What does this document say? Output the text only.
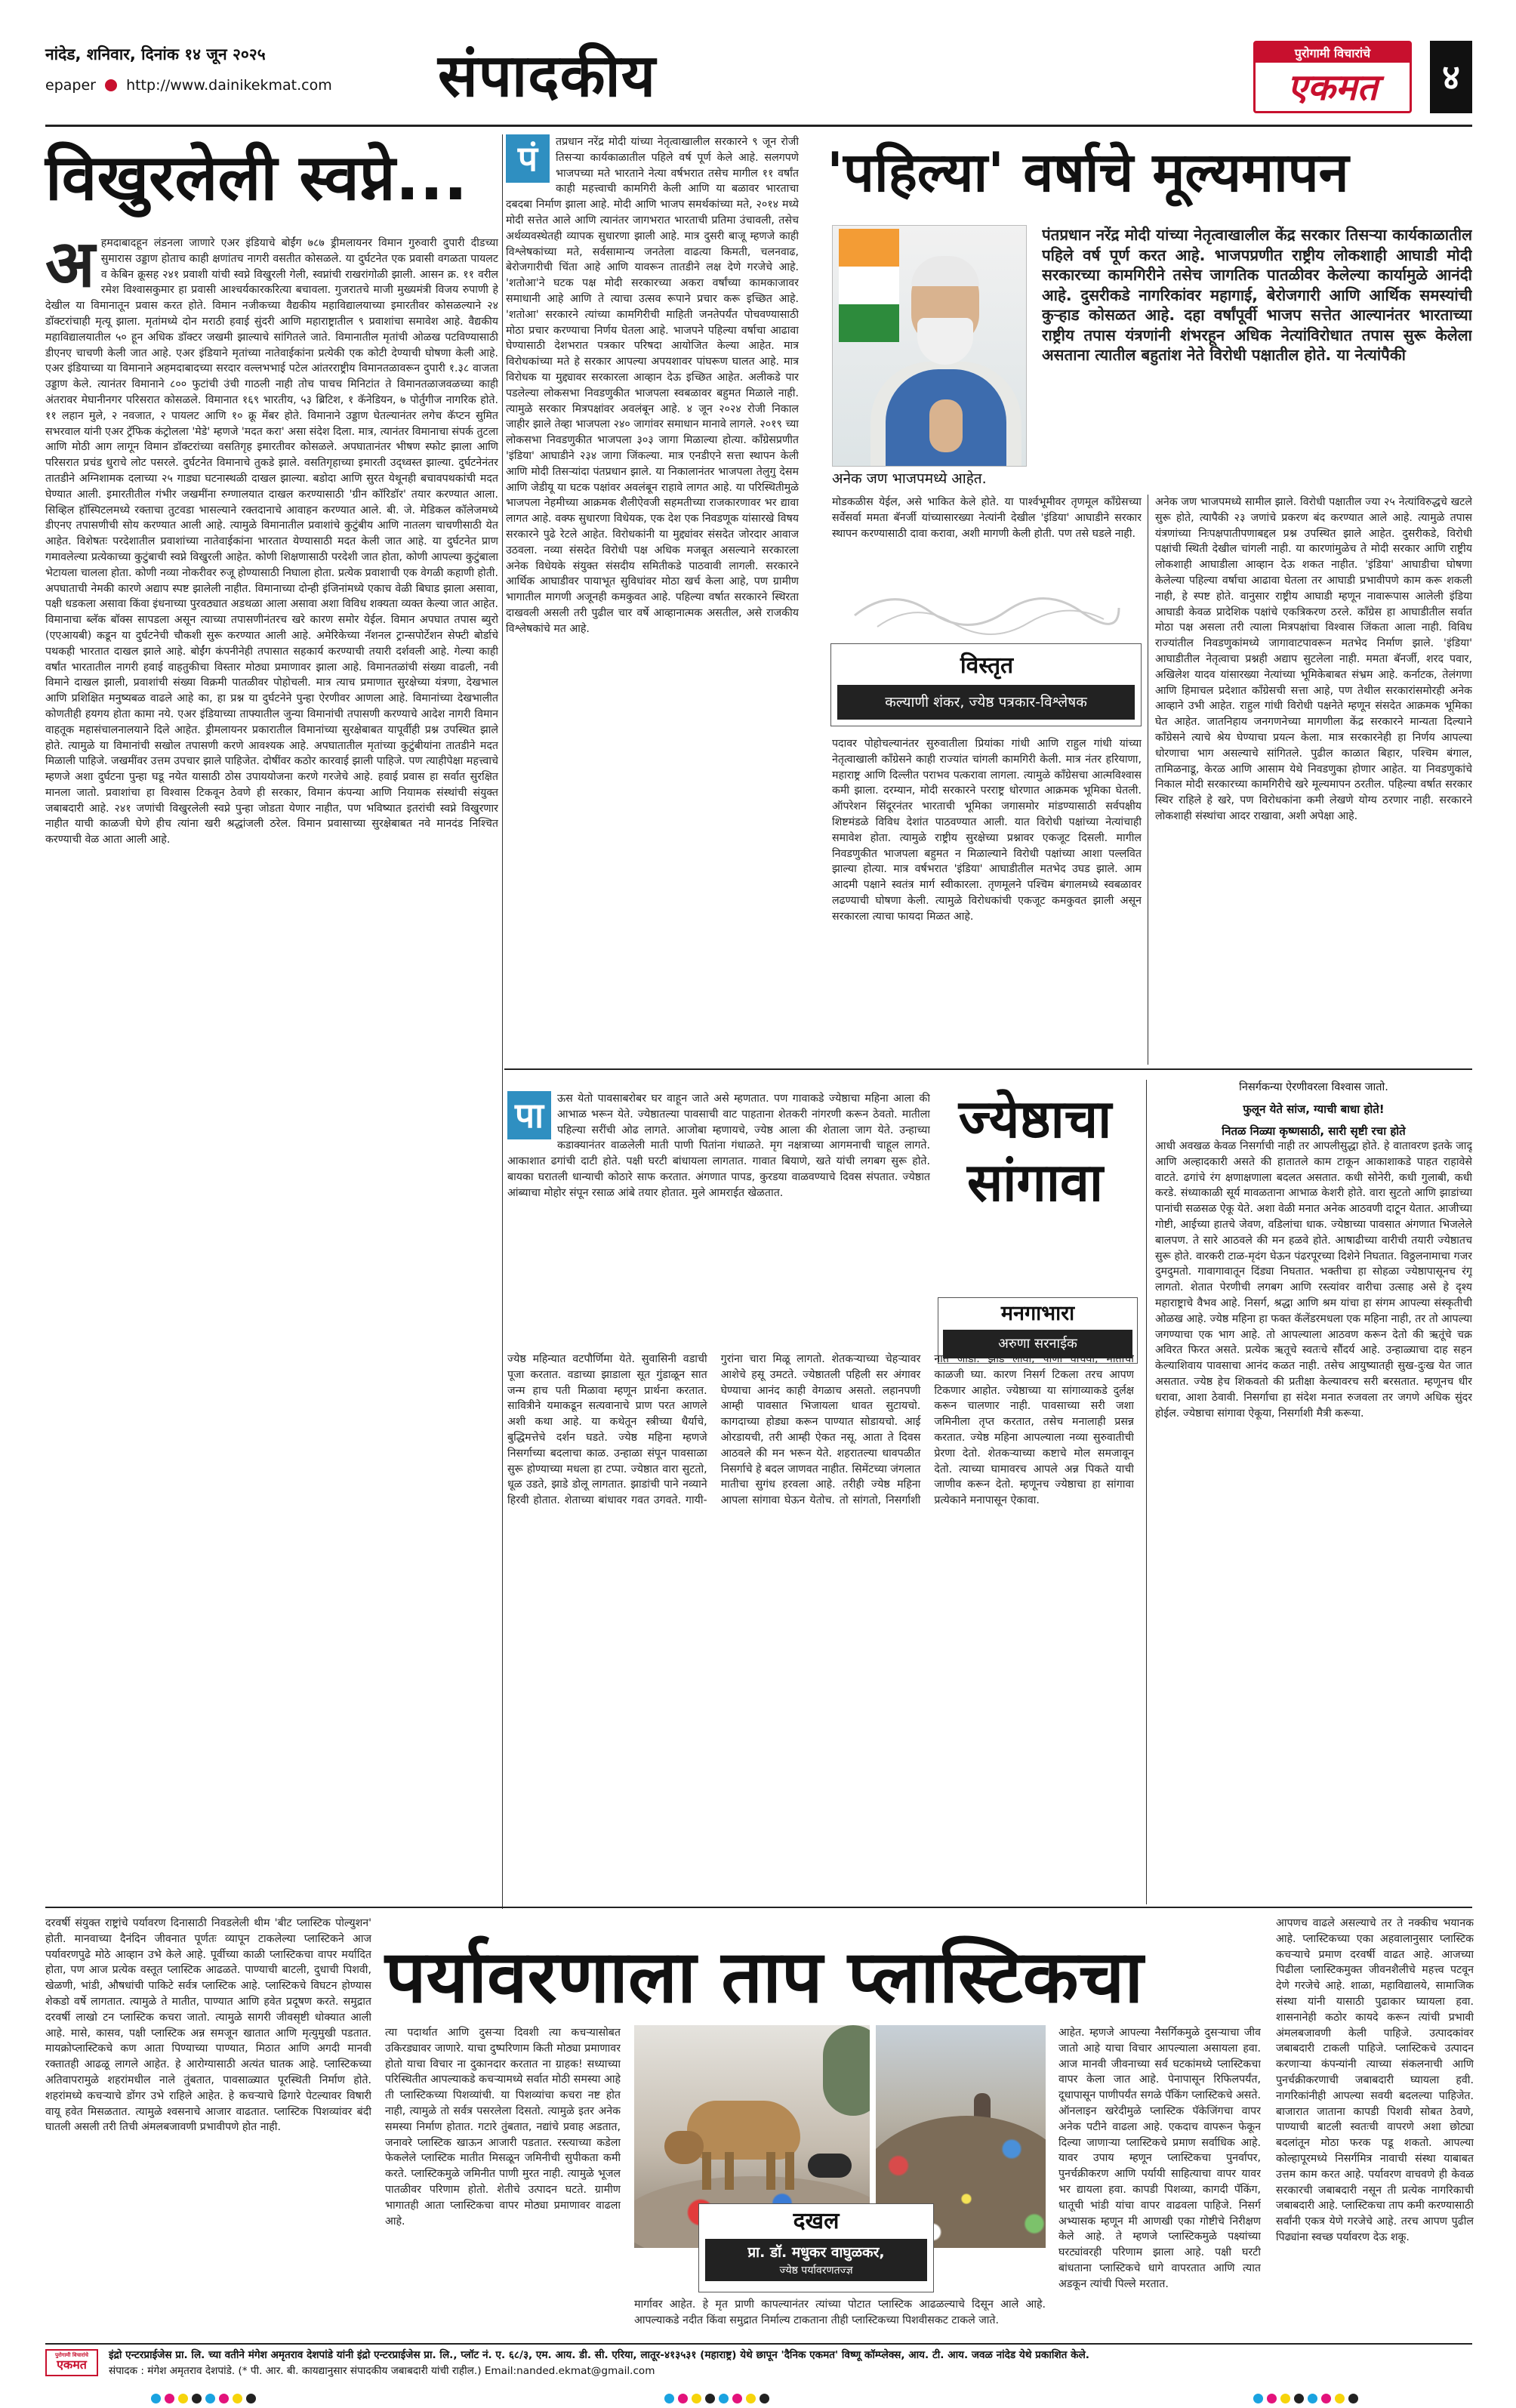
नांदेड, शनिवार, दिनांक १४ जून २०२५
epaper http://www.dainikekmat.com संपादकीय	पुरोगामी विचारांचे
एकमत	४
विखुरलेली स्वप्ने...
अ हमदाबादहून लंडनला जाणारे एअर इंडियाचे बोईंग ७८७ ड्रीमलायनर विमान गुरुवारी दुपारी दीडच्या सुमारास उड्डाण होताच काही क्षणांतच नागरी वसतीत कोसळले. या दुर्घटनेत एक प्रवासी वगळता पायलट व केबिन क्रूसह २४१ प्रवाशी यांची स्वप्ने विखुरली गेली, स्वप्नांची राखरांगोळी झाली. आसन क्र. ११ वरील रमेश विश्वासकुमार हा प्रवासी आश्चर्यकारकरित्या बचावला. गुजरातचे माजी मुख्यमंत्री विजय रुपाणी हे देखील या विमानातून प्रवास करत होते. विमान नजीकच्या वैद्यकीय महाविद्यालयाच्या इमारतीवर कोसळल्याने २४ डॉक्टरांचाही मृत्यू झाला. मृतांमध्ये दोन मराठी हवाई सुंदरी आणि महाराष्ट्रातील ९ प्रवाशांचा समावेश आहे. वैद्यकीय महाविद्यालयातील ५० हून अधिक डॉक्टर जखमी झाल्याचे सांगितले जाते. विमानातील मृतांची ओळख पटविण्यासाठी डीएनए चाचणी केली जात आहे. एअर इंडियाने मृतांच्या नातेवाईकांना प्रत्येकी एक कोटी देण्याची घोषणा केली आहे. एअर इंडियाच्या या विमानाने अहमदाबादच्या सरदार वल्लभभाई पटेल आंतरराष्ट्रीय विमानतळावरून दुपारी १.३८ वाजता उड्डाण केले. त्यानंतर विमानाने ८०० फुटांची उंची गाठली नाही तोच पाचच मिनिटांत ते विमानतळाजवळच्या काही अंतरावर मेघानीनगर परिसरात कोसळले. विमानात १६९ भारतीय, ५३ ब्रिटिश, १ कॅनेडियन, ७ पोर्तुगीज नागरिक होते. ११ लहान मुले, २ नवजात, २ पायलट आणि १० क्रू मेंबर होते. विमानाने उड्डाण घेतल्यानंतर लगेच कॅप्टन सुमित सभरवाल यांनी एअर ट्रॅफिक कंट्रोलला 'मेडे' म्हणजे 'मदत करा' असा संदेश दिला. मात्र, त्यानंतर विमानाचा संपर्क तुटला आणि मोठी आग लागून विमान डॉक्टरांच्या वसतिगृह इमारतीवर कोसळले. अपघातानंतर भीषण स्फोट झाला आणि परिसरात प्रचंड धुराचे लोट पसरले. दुर्घटनेत विमानाचे तुकडे झाले. वसतिगृहाच्या इमारती उद्ध्वस्त झाल्या. दुर्घटनेनंतर तातडीने अग्निशामक दलाच्या २५ गाड्या घटनास्थळी दाखल झाल्या. बडोदा आणि सुरत येथूनही बचावपथकांची मदत घेण्यात आली. इमारतीतील गंभीर जखमींना रुग्णालयात दाखल करण्यासाठी 'ग्रीन कॉरिडॉर' तयार करण्यात आला. सिव्हिल हॉस्पिटलमध्ये रक्ताचा तुटवडा भासल्याने रक्तदानाचे आवाहन करण्यात आले. बी. जे. मेडिकल कॉलेजमध्ये डीएनए तपासणीची सोय करण्यात आली आहे. त्यामुळे विमानातील प्रवाशांचे कुटुंबीय आणि नातलग चाचणीसाठी येत आहेत. विशेषतः परदेशातील प्रवाशांच्या नातेवाईकांना भारतात येण्यासाठी मदत केली जात आहे. या दुर्घटनेत प्राण गमावलेल्या प्रत्येकाच्या कुटुंबाची स्वप्ने विखुरली आहेत. कोणी शिक्षणासाठी परदेशी जात होता, कोणी आपल्या कुटुंबाला भेटायला चालला होता. कोणी नव्या नोकरीवर रुजू होण्यासाठी निघाला होता. प्रत्येक प्रवाशाची एक वेगळी कहाणी होती. अपघाताची नेमकी कारणे अद्याप स्पष्ट झालेली नाहीत. विमानाच्या दोन्ही इंजिनांमध्ये एकाच वेळी बिघाड झाला असावा, पक्षी धडकला असावा किंवा इंधनाच्या पुरवठ्यात अडथळा आला असावा अशा विविध शक्यता व्यक्त केल्या जात आहेत. विमानाचा ब्लॅक बॉक्स सापडला असून त्याच्या तपासणीनंतरच खरे कारण समोर येईल. विमान अपघात तपास ब्युरो (एएआयबी) कडून या दुर्घटनेची चौकशी सुरू करण्यात आली आहे. अमेरिकेच्या नॅशनल ट्रान्सपोर्टेशन सेफ्टी बोर्डाचे पथकही भारतात दाखल झाले आहे. बोईंग कंपनीनेही तपासात सहकार्य करण्याची तयारी दर्शवली आहे. गेल्या काही वर्षांत भारतातील नागरी हवाई वाहतुकीचा विस्तार मोठ्या प्रमाणावर झाला आहे. विमानतळांची संख्या वाढली, नवी विमाने दाखल झाली, प्रवाशांची संख्या विक्रमी पातळीवर पोहोचली. मात्र त्याच प्रमाणात सुरक्षेच्या यंत्रणा, देखभाल आणि प्रशिक्षित मनुष्यबळ वाढले आहे का, हा प्रश्न या दुर्घटनेने पुन्हा ऐरणीवर आणला आहे. विमानांच्या देखभालीत कोणतीही हयगय होता कामा नये. एअर इंडियाच्या ताफ्यातील जुन्या विमानांची तपासणी करण्याचे आदेश नागरी विमान वाहतूक महासंचालनालयाने दिले आहेत. ड्रीमलायनर प्रकारातील विमानांच्या सुरक्षेबाबत यापूर्वीही प्रश्न उपस्थित झाले होते. त्यामुळे या विमानांची सखोल तपासणी करणे आवश्यक आहे. अपघातातील मृतांच्या कुटुंबीयांना तातडीने मदत मिळाली पाहिजे. जखमींवर उत्तम उपचार झाले पाहिजेत. दोषींवर कठोर कारवाई झाली पाहिजे. पण त्याहीपेक्षा महत्त्वाचे म्हणजे अशा दुर्घटना पुन्हा घडू नयेत यासाठी ठोस उपाययोजना करणे गरजेचे आहे. हवाई प्रवास हा सर्वात सुरक्षित मानला जातो. प्रवाशांचा हा विश्वास टिकवून ठेवणे ही सरकार, विमान कंपन्या आणि नियामक संस्थांची संयुक्त जबाबदारी आहे. २४१ जणांची विखुरलेली स्वप्ने पुन्हा जोडता येणार नाहीत, पण भविष्यात इतरांची स्वप्ने विखुरणार नाहीत याची काळजी घेणे हीच त्यांना खरी श्रद्धांजली ठरेल. विमान प्रवासाच्या सुरक्षेबाबत नवे मानदंड निश्चित करण्याची वेळ आता आली आहे.
'पहिल्या' वर्षाचे मूल्यमापन
अनेक जण भाजपमध्ये आहेत.
पंतप्रधान नरेंद्र मोदी यांच्या नेतृत्वाखालील केंद्र सरकार तिसऱ्या कार्यकाळातील पहिले वर्ष पूर्ण करत आहे. भाजपप्रणीत राष्ट्रीय लोकशाही आघाडी मोदी सरकारच्या कामगिरीने तसेच जागतिक पातळीवर केलेल्या कार्यामुळे आनंदी आहे. दुसरीकडे नागरिकांवर महागाई, बेरोजगारी आणि आर्थिक समस्यांची कुऱ्हाड कोसळत आहे. दहा वर्षांपूर्वी भाजप सत्तेत आल्यानंतर भारताच्या राष्ट्रीय तपास यंत्रणांनी शंभरहून अधिक नेत्यांविरोधात तपास सुरू केलेला असताना त्यातील बहुतांश नेते विरोधी पक्षातील होते. या नेत्यांपैकी
पं	तप्रधान नरेंद्र मोदी यांच्या नेतृत्वाखालील सरकारने ९ जून रोजी तिसऱ्या कार्यकाळातील पहिले वर्ष पूर्ण केले आहे. सलगपणे भाजपच्या मते भारताने नेत्या वर्षभरात तसेच मागील ११ वर्षांत काही महत्त्वाची कामगिरी केली आणि या बळावर भारताचा दबदबा निर्माण झाला आहे. मोदी आणि भाजप समर्थकांच्या मते, २०१४ मध्ये मोदी सत्तेत आले आणि त्यानंतर जागभरात भारताची प्रतिमा उंचावली, तसेच अर्थव्यवस्थेतही व्यापक सुधारणा झाली आहे. मात्र दुसरी बाजू म्हणजे काही विश्लेषकांच्या मते, सर्वसामान्य जनतेला वाढत्या किमती, चलनवाढ, बेरोजगारीची चिंता आहे आणि यावरून तातडीने लक्ष देणे गरजेचे आहे. 'शतोआ'ने घटक पक्ष मोदी सरकारच्या अकरा वर्षांच्या कामकाजावर समाधानी आहे आणि ते त्याचा उत्सव रूपाने प्रचार करू इच्छित आहे. 'शतोआ' सरकारने त्यांच्या कामगिरीची माहिती जनतेपर्यंत पोचवण्यासाठी मोठा प्रचार करण्याचा निर्णय घेतला आहे. भाजपने पहिल्या वर्षाचा आढावा घेण्यासाठी देशभरात पत्रकार परिषदा आयोजित केल्या आहेत. मात्र विरोधकांच्या मते हे सरकार आपल्या अपयशावर पांघरूण घालत आहे. मात्र विरोधक या मुद्द्यावर सरकारला आव्हान देऊ इच्छित आहेत. अलीकडे पार पडलेल्या लोकसभा निवडणुकीत भाजपला स्वबळावर बहुमत मिळाले नाही. त्यामुळे सरकार मित्रपक्षांवर अवलंबून आहे. ४ जून २०२४ रोजी निकाल जाहीर झाले तेव्हा भाजपला २४० जागांवर समाधान मानावे लागले. २०१९ च्या लोकसभा निवडणुकीत भाजपला ३०३ जागा मिळाल्या होत्या. काँग्रेसप्रणीत 'इंडिया' आघाडीने २३४ जागा जिंकल्या. मात्र एनडीएने सत्ता स्थापन केली आणि मोदी तिसऱ्यांदा पंतप्रधान झाले. या निकालानंतर भाजपला तेलुगु देसम आणि जेडीयू या घटक पक्षांवर अवलंबून राहावे लागत आहे. या परिस्थितीमुळे भाजपला नेहमीच्या आक्रमक शैलीऐवजी सहमतीच्या राजकारणावर भर द्यावा लागत आहे. वक्फ सुधारणा विधेयक, एक देश एक निवडणूक यांसारखे विषय सरकारने पुढे रेटले आहेत. विरोधकांनी या मुद्द्यांवर संसदेत जोरदार आवाज उठवला. नव्या संसदेत विरोधी पक्ष अधिक मजबूत असल्याने सरकारला अनेक विधेयके संयुक्त संसदीय समितीकडे पाठवावी लागली. सरकारने आर्थिक आघाडीवर पायाभूत सुविधांवर मोठा खर्च केला आहे, पण ग्रामीण भागातील मागणी अजूनही कमकुवत आहे. पहिल्या वर्षात सरकारने स्थिरता दाखवली असली तरी पुढील चार वर्षे आव्हानात्मक असतील, असे राजकीय विश्लेषकांचे मत आहे.
मोडकळीस येईल, असे भाकित केले होते. या पार्श्वभूमीवर तृणमूल काँग्रेसच्या सर्वेसर्वा ममता बॅनर्जी यांच्यासारख्या नेत्यांनी देखील 'इंडिया' आघाडीने सरकार स्थापन करण्यासाठी दावा करावा, अशी मागणी केली होती. पण तसे घडले नाही.
विस्तृत
कल्याणी शंकर, ज्येष्ठ पत्रकार-विश्लेषक
पदावर पोहोचल्यानंतर सुरुवातीला प्रियांका गांधी आणि राहुल गांधी यांच्या नेतृत्वाखाली काँग्रेसने काही राज्यांत चांगली कामगिरी केली. मात्र नंतर हरियाणा, महाराष्ट्र आणि दिल्लीत पराभव पत्करावा लागला. त्यामुळे काँग्रेसचा आत्मविश्वास कमी झाला. दरम्यान, मोदी सरकारने परराष्ट्र धोरणात आक्रमक भूमिका घेतली. ऑपरेशन सिंदूरनंतर भारताची भूमिका जगासमोर मांडण्यासाठी सर्वपक्षीय शिष्टमंडळे विविध देशांत पाठवण्यात आली. यात विरोधी पक्षांच्या नेत्यांचाही समावेश होता. त्यामुळे राष्ट्रीय सुरक्षेच्या प्रश्नावर एकजूट दिसली. मागील निवडणुकीत भाजपला बहुमत न मिळाल्याने विरोधी पक्षांच्या आशा पल्लवित झाल्या होत्या. मात्र वर्षभरात 'इंडिया' आघाडीतील मतभेद उघड झाले. आम आदमी पक्षाने स्वतंत्र मार्ग स्वीकारला. तृणमूलने पश्चिम बंगालमध्ये स्वबळावर लढण्याची घोषणा केली. त्यामुळे विरोधकांची एकजूट कमकुवत झाली असून सरकारला त्याचा फायदा मिळत आहे.
अनेक जण भाजपमध्ये सामील झाले. विरोधी पक्षातील ज्या २५ नेत्यांविरुद्धचे खटले सुरू होते, त्यापैकी २३ जणांचे प्रकरण बंद करण्यात आले आहे. त्यामुळे तपास यंत्रणांच्या निःपक्षपातीपणाबद्दल प्रश्न उपस्थित झाले आहेत. दुसरीकडे, विरोधी पक्षांची स्थिती देखील चांगली नाही. या कारणांमुळेच ते मोदी सरकार आणि राष्ट्रीय लोकशाही आघाडीला आव्हान देऊ शकत नाहीत. 'इंडिया' आघाडीचा घोषणा केलेल्या पहिल्या वर्षाचा आढावा घेतला तर आघाडी प्रभावीपणे काम करू शकली नाही, हे स्पष्ट होते. वानुसार राष्ट्रीय आघाडी म्हणून नावारूपास आलेली इंडिया आघाडी केवळ प्रादेशिक पक्षांचे एकत्रिकरण ठरले. काँग्रेस हा आघाडीतील सर्वात मोठा पक्ष असला तरी त्याला मित्रपक्षांचा विश्वास जिंकता आला नाही. विविध राज्यांतील निवडणुकांमध्ये जागावाटपावरून मतभेद निर्माण झाले. 'इंडिया' आघाडीतील नेतृत्वाचा प्रश्नही अद्याप सुटलेला नाही. ममता बॅनर्जी, शरद पवार, अखिलेश यादव यांसारख्या नेत्यांच्या भूमिकेबाबत संभ्रम आहे. कर्नाटक, तेलंगणा आणि हिमाचल प्रदेशात काँग्रेसची सत्ता आहे, पण तेथील सरकारांसमोरही अनेक आव्हाने उभी आहेत. राहुल गांधी विरोधी पक्षनेते म्हणून संसदेत आक्रमक भूमिका घेत आहेत. जातनिहाय जनगणनेच्या मागणीला केंद्र सरकारने मान्यता दिल्याने काँग्रेसने त्याचे श्रेय घेण्याचा प्रयत्न केला. मात्र सरकारनेही हा निर्णय आपल्या धोरणाचा भाग असल्याचे सांगितले. पुढील काळात बिहार, पश्चिम बंगाल, तामिळनाडू, केरळ आणि आसाम येथे निवडणुका होणार आहेत. या निवडणुकांचे निकाल मोदी सरकारच्या कामगिरीचे खरे मूल्यमापन ठरतील. पहिल्या वर्षात सरकार स्थिर राहिले हे खरे, पण विरोधकांना कमी लेखणे योग्य ठरणार नाही. सरकारने लोकशाही संस्थांचा आदर राखावा, अशी अपेक्षा आहे.
पा	ऊस येतो पावसाबरोबर घर वाहून जाते असे म्हणतात. पण गावाकडे ज्येष्ठाचा महिना आला की आभाळ भरून येते. ज्येष्ठातल्या पावसाची वाट पाहताना शेतकरी नांगरणी करून ठेवतो. मातीला पहिल्या सरींची ओढ लागते. आजोबा म्हणायचे, ज्येष्ठ आला की शेताला जाग येते. उन्हाच्या कडाक्यानंतर वाळलेली माती पाणी पितांना गंधाळते. मृग नक्षत्राच्या आगमनाची चाहूल लागते. आकाशात ढगांची दाटी होते. पक्षी घरटी बांधायला लागतात. गावात बियाणे, खते यांची लगबग सुरू होते. बायका घरातली धान्याची कोठारे साफ करतात. अंगणात पापड, कुरडया वाळवण्याचे दिवस संपतात. ज्येष्ठात आंब्याचा मोहोर संपून रसाळ आंबे तयार होतात. मुले आमराईत खेळतात.
ज्येष्ठाचा सांगावा
मनगाभारा
अरुणा सरनाईक
ज्येष्ठ महिन्यात वटपौर्णिमा येते. सुवासिनी वडाची पूजा करतात. वडाच्या झाडाला सूत गुंडाळून सात जन्म हाच पती मिळावा म्हणून प्रार्थना करतात. सावित्रीने यमाकडून सत्यवानाचे प्राण परत आणले अशी कथा आहे. या कथेतून स्त्रीच्या धैर्याचे, बुद्धिमत्तेचे दर्शन घडते. ज्येष्ठ महिना म्हणजे निसर्गाच्या बदलाचा काळ. उन्हाळा संपून पावसाळा सुरू होण्याच्या मधला हा टप्पा. ज्येष्ठात वारा सुटतो, धूळ उडते, झाडे डोलू लागतात. झाडांची पाने नव्याने हिरवी होतात. शेताच्या बांधावर गवत उगवते. गायी-गुरांना चारा मिळू लागतो. शेतकऱ्याच्या चेहऱ्यावर आशेचे हसू उमटते. ज्येष्ठातली पहिली सर अंगावर घेण्याचा आनंद काही वेगळाच असतो. लहानपणी आम्ही पावसात भिजायला धावत सुटायचो. कागदाच्या होड्या करून पाण्यात सोडायचो. आई ओरडायची, तरी आम्ही ऐकत नसू. आता ते दिवस आठवले की मन भरून येते. शहरातल्या धावपळीत निसर्गाचे हे बदल जाणवत नाहीत. सिमेंटच्या जंगलात मातीचा सुगंध हरवला आहे. तरीही ज्येष्ठ महिना आपला सांगावा घेऊन येतोच. तो सांगतो, निसर्गाशी नाते जोडा. झाडे लावा, पाणी वाचवा, मातीची काळजी घ्या. कारण निसर्ग टिकला तरच आपण टिकणार आहोत. ज्येष्ठाच्या या सांगाव्याकडे दुर्लक्ष करून चालणार नाही. पावसाच्या सरी जशा जमिनीला तृप्त करतात, तसेच मनालाही प्रसन्न करतात. ज्येष्ठ महिना आपल्याला नव्या सुरुवातीची प्रेरणा देतो. शेतकऱ्याच्या कष्टाचे मोल समजावून देतो. त्याच्या घामावरच आपले अन्न पिकते याची जाणीव करून देतो. म्हणूनच ज्येष्ठाचा हा सांगावा प्रत्येकाने मनापासून ऐकावा.
निसर्गकन्या ऐरणीवरला विश्वास जातो.
फुलून येते सांज, ग्याची बाधा होते!
नितळ निळ्या कृष्णसाठी, सारी सृष्टी रचा होते
आधी अवखळ केवळ निसर्गाची नाही तर आपलीसुद्धा होते. हे वातावरण इतके जादू आणि अल्हादकारी असते की हातातले काम टाकून आकाशाकडे पाहत राहावेसे वाटते. ढगांचे रंग क्षणाक्षणाला बदलत असतात. कधी सोनेरी, कधी गुलाबी, कधी करडे. संध्याकाळी सूर्य मावळताना आभाळ केशरी होते. वारा सुटतो आणि झाडांच्या पानांची सळसळ ऐकू येते. अशा वेळी मनात अनेक आठवणी दाटून येतात. आजीच्या गोष्टी, आईच्या हातचे जेवण, वडिलांचा धाक. ज्येष्ठाच्या पावसात अंगणात भिजलेले बालपण. ते सारे आठवले की मन हळवे होते. आषाढीच्या वारीची तयारी ज्येष्ठातच सुरू होते. वारकरी टाळ-मृदंग घेऊन पंढरपूरच्या दिशेने निघतात. विठ्ठलनामाचा गजर दुमदुमतो. गावागावातून दिंड्या निघतात. भक्तीचा हा सोहळा ज्येष्ठापासूनच रंगू लागतो. शेतात पेरणीची लगबग आणि रस्त्यांवर वारीचा उत्साह असे हे दृश्य महाराष्ट्राचे वैभव आहे. निसर्ग, श्रद्धा आणि श्रम यांचा हा संगम आपल्या संस्कृतीची ओळख आहे. ज्येष्ठ महिना हा फक्त कॅलेंडरमधला एक महिना नाही, तर तो आपल्या जगण्याचा एक भाग आहे. तो आपल्याला आठवण करून देतो की ऋतूंचे चक्र अविरत फिरत असते. प्रत्येक ऋतूचे स्वतःचे सौंदर्य आहे. उन्हाळ्याचा दाह सहन केल्याशिवाय पावसाचा आनंद कळत नाही. तसेच आयुष्यातही सुख-दुःख येत जात असतात. ज्येष्ठ हेच शिकवतो की प्रतीक्षा केल्यावरच सरी बरसतात. म्हणूनच धीर धरावा, आशा ठेवावी. निसर्गाचा हा संदेश मनात रुजवला तर जगणे अधिक सुंदर होईल. ज्येष्ठाचा सांगावा ऐकूया, निसर्गाशी मैत्री करूया.
पर्यावरणाला ताप प्लास्टिकचा
दरवर्षी संयुक्त राष्ट्रांचे पर्यावरण दिनासाठी निवडलेली थीम 'बीट प्लास्टिक पोल्युशन' होती. मानवाच्या दैनंदिन जीवनात पूर्णतः व्यापून टाकलेल्या प्लास्टिकने आज पर्यावरणपुढे मोठे आव्हान उभे केले आहे. पूर्वीच्या काळी प्लास्टिकचा वापर मर्यादित होता, पण आज प्रत्येक वस्तूत प्लास्टिक आढळते. पाण्याची बाटली, दुधाची पिशवी, खेळणी, भांडी, औषधांची पाकिटे सर्वत्र प्लास्टिक आहे. प्लास्टिकचे विघटन होण्यास शेकडो वर्षे लागतात. त्यामुळे ते मातीत, पाण्यात आणि हवेत प्रदूषण करते. समुद्रात दरवर्षी लाखो टन प्लास्टिक कचरा जातो. त्यामुळे सागरी जीवसृष्टी धोक्यात आली आहे. मासे, कासव, पक्षी प्लास्टिक अन्न समजून खातात आणि मृत्युमुखी पडतात. मायक्रोप्लास्टिकचे कण आता पिण्याच्या पाण्यात, मिठात आणि अगदी मानवी रक्तातही आढळू लागले आहेत. हे आरोग्यासाठी अत्यंत घातक आहे. प्लास्टिकच्या अतिवापरामुळे शहरांमधील नाले तुंबतात, पावसाळ्यात पूरस्थिती निर्माण होते. शहरांमध्ये कचऱ्याचे डोंगर उभे राहिले आहेत. हे कचऱ्याचे ढिगारे पेटल्यावर विषारी वायू हवेत मिसळतात. त्यामुळे श्वसनाचे आजार वाढतात. प्लास्टिक पिशव्यांवर बंदी घातली असली तरी तिची अंमलबजावणी प्रभावीपणे होत नाही.
त्या पदार्थात आणि दुसऱ्या दिवशी त्या कचऱ्यासोबत उकिरड्यावर जाणारे. याचा दुष्परिणाम किती मोठ्या प्रमाणावर होतो याचा विचार ना दुकानदार करतात ना ग्राहक! सध्याच्या परिस्थितीत आपल्याकडे कचऱ्यामध्ये सर्वात मोठी समस्या आहे ती प्लास्टिकच्या पिशव्यांची. या पिशव्यांचा कचरा नष्ट होत नाही, त्यामुळे तो सर्वत्र पसरलेला दिसतो. त्यामुळे इतर अनेक समस्या निर्माण होतात. गटारे तुंबतात, नद्यांचे प्रवाह अडतात, जनावरे प्लास्टिक खाऊन आजारी पडतात. रस्त्याच्या कडेला फेकलेले प्लास्टिक मातीत मिसळून जमिनीची सुपीकता कमी करते. प्लास्टिकमुळे जमिनीत पाणी मुरत नाही. त्यामुळे भूजल पातळीवर परिणाम होतो. शेतीचे उत्पादन घटते. ग्रामीण भागातही आता प्लास्टिकचा वापर मोठ्या प्रमाणावर वाढला आहे.	दखल
प्रा. डॉ. मधुकर वाघुळकर,
ज्येष्ठ पर्यावरणतज्ज्ञ
मार्गावर आहेत. हे मृत प्राणी कापल्यानंतर त्यांच्या पोटात प्लास्टिक आढळल्याचे दिसून आले आहे. आपल्याकडे नदीत किंवा समुद्रात निर्माल्य टाकताना तीही प्लास्टिकच्या पिशवीसकट टाकले जाते.
आहेत. म्हणजे आपल्या नैसर्गिकमुळे दुसऱ्याचा जीव जातो आहे याचा विचार आपल्याला असायला हवा. आज मानवी जीवनाच्या सर्व घटकांमध्ये प्लास्टिकचा वापर केला जात आहे. पेनापासून रिफिलपर्यंत, दूधापासून पाणीपर्यंत सगळे पॅकिंग प्लास्टिकचे असते. ऑनलाइन खरेदीमुळे प्लास्टिक पॅकेजिंगचा वापर अनेक पटीने वाढला आहे. एकदाच वापरून फेकून दिल्या जाणाऱ्या प्लास्टिकचे प्रमाण सर्वाधिक आहे. यावर उपाय म्हणून प्लास्टिकचा पुनर्वापर, पुनर्चक्रीकरण आणि पर्यायी साहित्याचा वापर यावर भर द्यायला हवा. कापडी पिशव्या, कागदी पॅकिंग, धातूची भांडी यांचा वापर वाढवला पाहिजे. निसर्ग अभ्यासक म्हणून मी आणखी एका गोष्टीचे निरीक्षण केले आहे. ते म्हणजे प्लास्टिकमुळे पक्ष्यांच्या घरट्यांवरही परिणाम झाला आहे. पक्षी घरटी बांधताना प्लास्टिकचे धागे वापरतात आणि त्यात अडकून त्यांची पिल्ले मरतात.
आपणच वाढले असल्याचे तर ते नक्कीच भयानक आहे. प्लास्टिकच्या एका अहवालानुसार प्लास्टिक कचऱ्याचे प्रमाण दरवर्षी वाढत आहे. आजच्या पिढीला प्लास्टिकमुक्त जीवनशैलीचे महत्त्व पटवून देणे गरजेचे आहे. शाळा, महाविद्यालये, सामाजिक संस्था यांनी यासाठी पुढाकार घ्यायला हवा. शासनानेही कठोर कायदे करून त्यांची प्रभावी अंमलबजावणी केली पाहिजे. उत्पादकांवर जबाबदारी टाकली पाहिजे. प्लास्टिकचे उत्पादन करणाऱ्या कंपन्यांनी त्याच्या संकलनाची आणि पुनर्चक्रीकरणाची जबाबदारी घ्यायला हवी. नागरिकांनीही आपल्या सवयी बदलल्या पाहिजेत. बाजारात जाताना कापडी पिशवी सोबत ठेवणे, पाण्याची बाटली स्वतःची वापरणे अशा छोट्या बदलांतून मोठा फरक पडू शकतो. आपल्या कोल्हापूरमध्ये निसर्गमित्र नावाची संस्था याबाबत उत्तम काम करत आहे. पर्यावरण वाचवणे ही केवळ सरकारची जबाबदारी नसून ती प्रत्येक नागरिकाची जबाबदारी आहे. प्लास्टिकचा ताप कमी करण्यासाठी सर्वांनी एकत्र येणे गरजेचे आहे. तरच आपण पुढील पिढ्यांना स्वच्छ पर्यावरण देऊ शकू.
पुरोगामी विचारांचे
एकमत
इंद्रो एन्टरप्राईजेस प्रा. लि. च्या वतीने मंगेश अमृतराव देशपांडे यांनी इंद्रो एन्टरप्राईजेस प्रा. लि., प्लॉट नं. ए. ६८/३, एम. आय. डी. सी. एरिया, लातूर-४१३५३१ (महाराष्ट्र) येथे छापून 'दैनिक एकमत' विष्णू कॉम्प्लेक्स, आय. टी. आय. जवळ नांदेड येथे प्रकाशित केले.
संपादक : मंगेश अमृतराव देशपांडे. (* पी. आर. बी. कायद्यानुसार संपादकीय जबाबदारी यांची राहील.) Email:nanded.ekmat@gmail.com
